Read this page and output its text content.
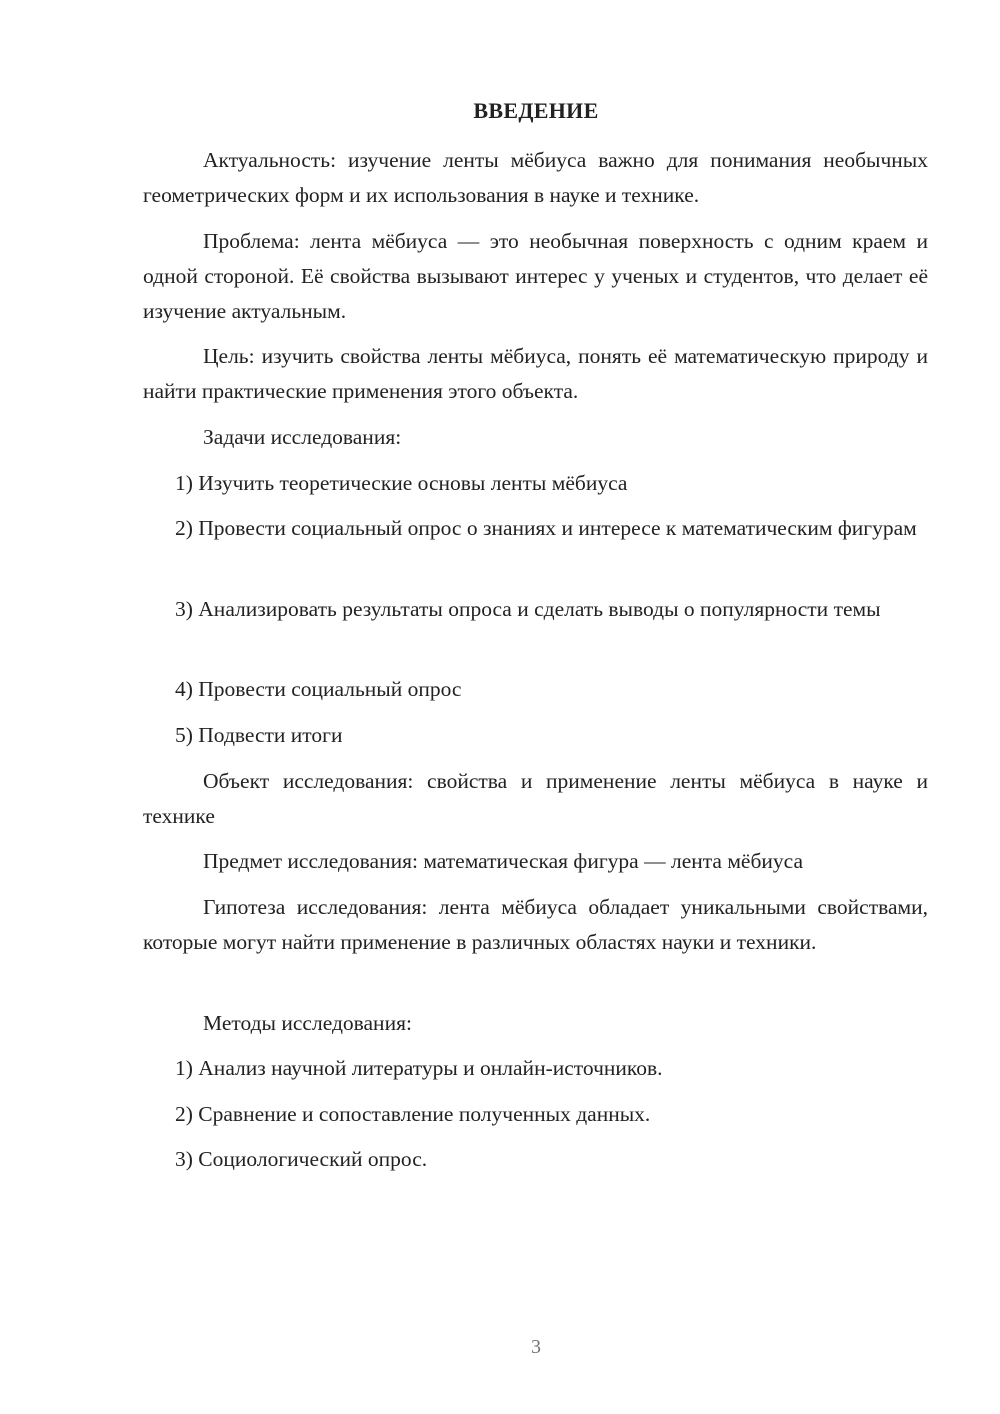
ВВЕДЕНИЕ

Актуальность: изучение ленты мёбиуса важно для понимания необычных геометрических форм и их использования в науке и технике.

Проблема: лента мёбиуса — это необычная поверхность с одним краем и одной стороной. Её свойства вызывают интерес у ученых и студентов, что делает её изучение актуальным.

Цель: изучить свойства ленты мёбиуса, понять её математическую природу и найти практические применения этого объекта.

Задачи исследования:

1) Изучить теоретические основы ленты мёбиуса

2) Провести социальный опрос о знаниях и интересе к математическим фигурам

3) Анализировать результаты опроса и сделать выводы о популярности темы

4) Провести социальный опрос

5) Подвести итоги

Объект исследования: свойства и применение ленты мёбиуса в науке и технике

Предмет исследования: математическая фигура — лента мёбиуса

Гипотеза исследования: лента мёбиуса обладает уникальными свойствами, которые могут найти применение в различных областях науки и техники.

Методы исследования:

1) Анализ научной литературы и онлайн-источников.

2) Сравнение и сопоставление полученных данных.

3) Социологический опрос.

3
